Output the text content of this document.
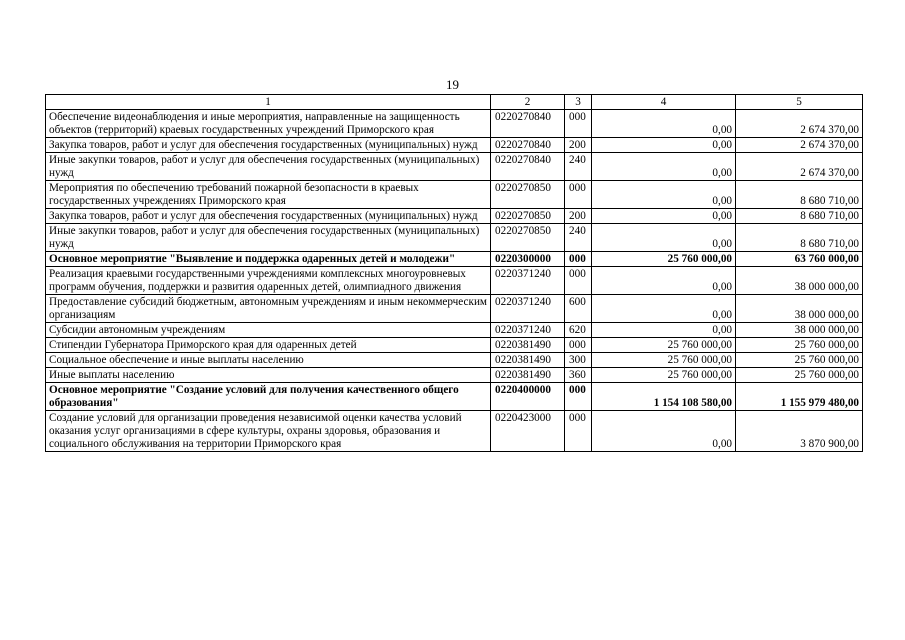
19
1	2	3	4	5
Обеспечение видеонаблюдения и иные мероприятия, направленные на защищенность объектов (территорий) краевых государственных учреждений Приморского края	0220270840	000	0,00	2 674 370,00
Закупка товаров, работ и услуг для обеспечения государственных (муниципальных) нужд	0220270840	200	0,00	2 674 370,00
Иные закупки товаров, работ и услуг для обеспечения государственных (муниципальных) нужд	0220270840	240	0,00	2 674 370,00
Мероприятия по обеспечению требований пожарной безопасности в краевых государственных учреждениях Приморского края	0220270850	000	0,00	8 680 710,00
Закупка товаров, работ и услуг для обеспечения государственных (муниципальных) нужд	0220270850	200	0,00	8 680 710,00
Иные закупки товаров, работ и услуг для обеспечения государственных (муниципальных) нужд	0220270850	240	0,00	8 680 710,00
Основное мероприятие "Выявление и поддержка одаренных детей и молодежи"	0220300000	000	25 760 000,00	63 760 000,00
Реализация краевыми государственными учреждениями комплексных многоуровневых программ обучения, поддержки и развития одаренных детей, олимпиадного движения	0220371240	000	0,00	38 000 000,00
Предоставление субсидий бюджетным, автономным учреждениям и иным некоммерческим организациям	0220371240	600	0,00	38 000 000,00
Субсидии автономным учреждениям	0220371240	620	0,00	38 000 000,00
Стипендии Губернатора Приморского края для одаренных детей	0220381490	000	25 760 000,00	25 760 000,00
Социальное обеспечение и иные выплаты населению	0220381490	300	25 760 000,00	25 760 000,00
Иные выплаты населению	0220381490	360	25 760 000,00	25 760 000,00
Основное мероприятие "Создание условий для получения качественного общего образования"	0220400000	000	1 154 108 580,00	1 155 979 480,00
Создание условий для организации проведения независимой оценки качества условий оказания услуг организациями в сфере культуры, охраны здоровья, образования и социального обслуживания на территории Приморского края	0220423000	000	0,00	3 870 900,00
